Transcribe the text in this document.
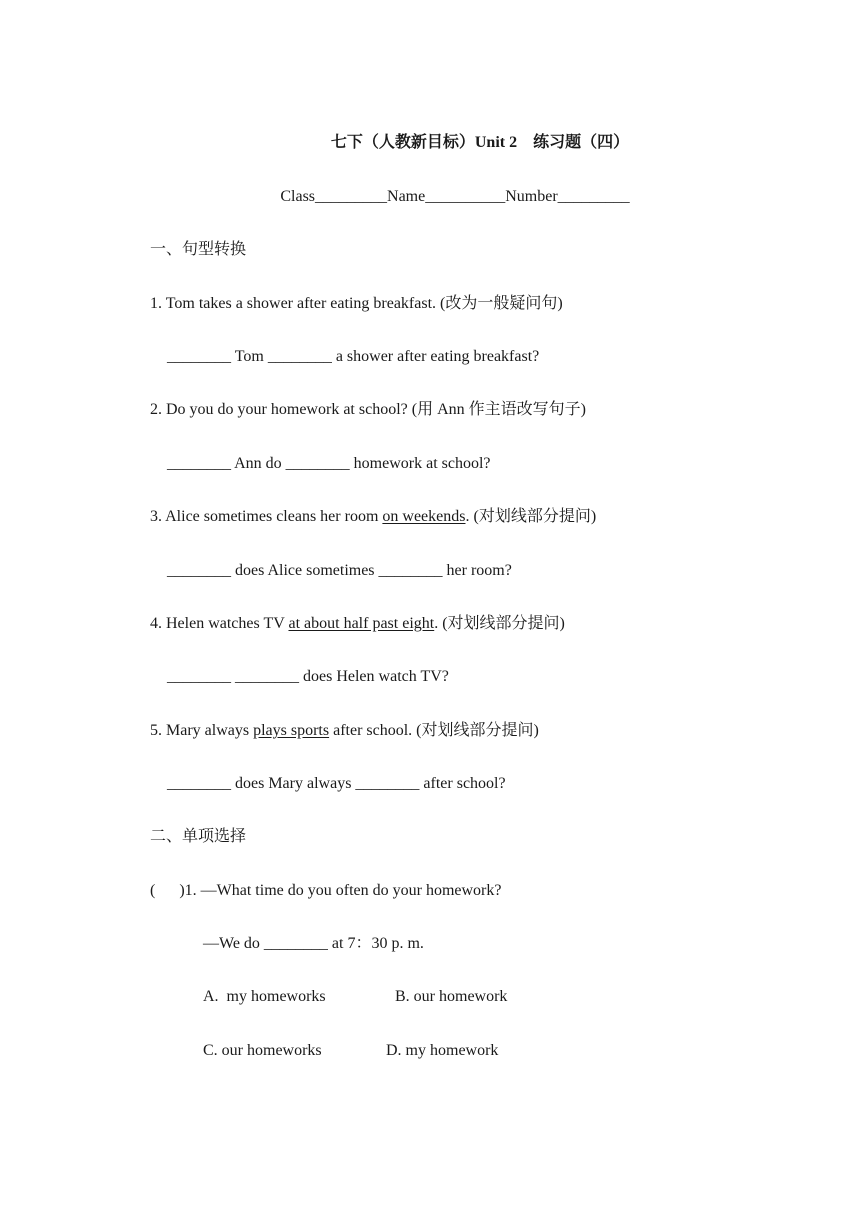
七下（人教新目标）Unit 2　练习题（四）
Class_________Name__________Number_________
一、句型转换
1. Tom takes a shower after eating breakfast. (改为一般疑问句)
________ Tom ________ a shower after eating breakfast?
2. Do you do your homework at school? (用 Ann 作主语改写句子)
________ Ann do ________ homework at school?
3. Alice sometimes cleans her room on weekends. (对划线部分提问)
________ does Alice sometimes ________ her room?
4. Helen watches TV at about half past eight. (对划线部分提问)
________ ________ does Helen watch TV?
5. Mary always plays sports after school. (对划线部分提问)
________ does Mary always ________ after school?
二、单项选择
(      )1. —What time do you often do your homework?
—We do ________ at 7：30 p. m.
A.  my homeworks	B. our homework
C. our homeworks	D. my homework
